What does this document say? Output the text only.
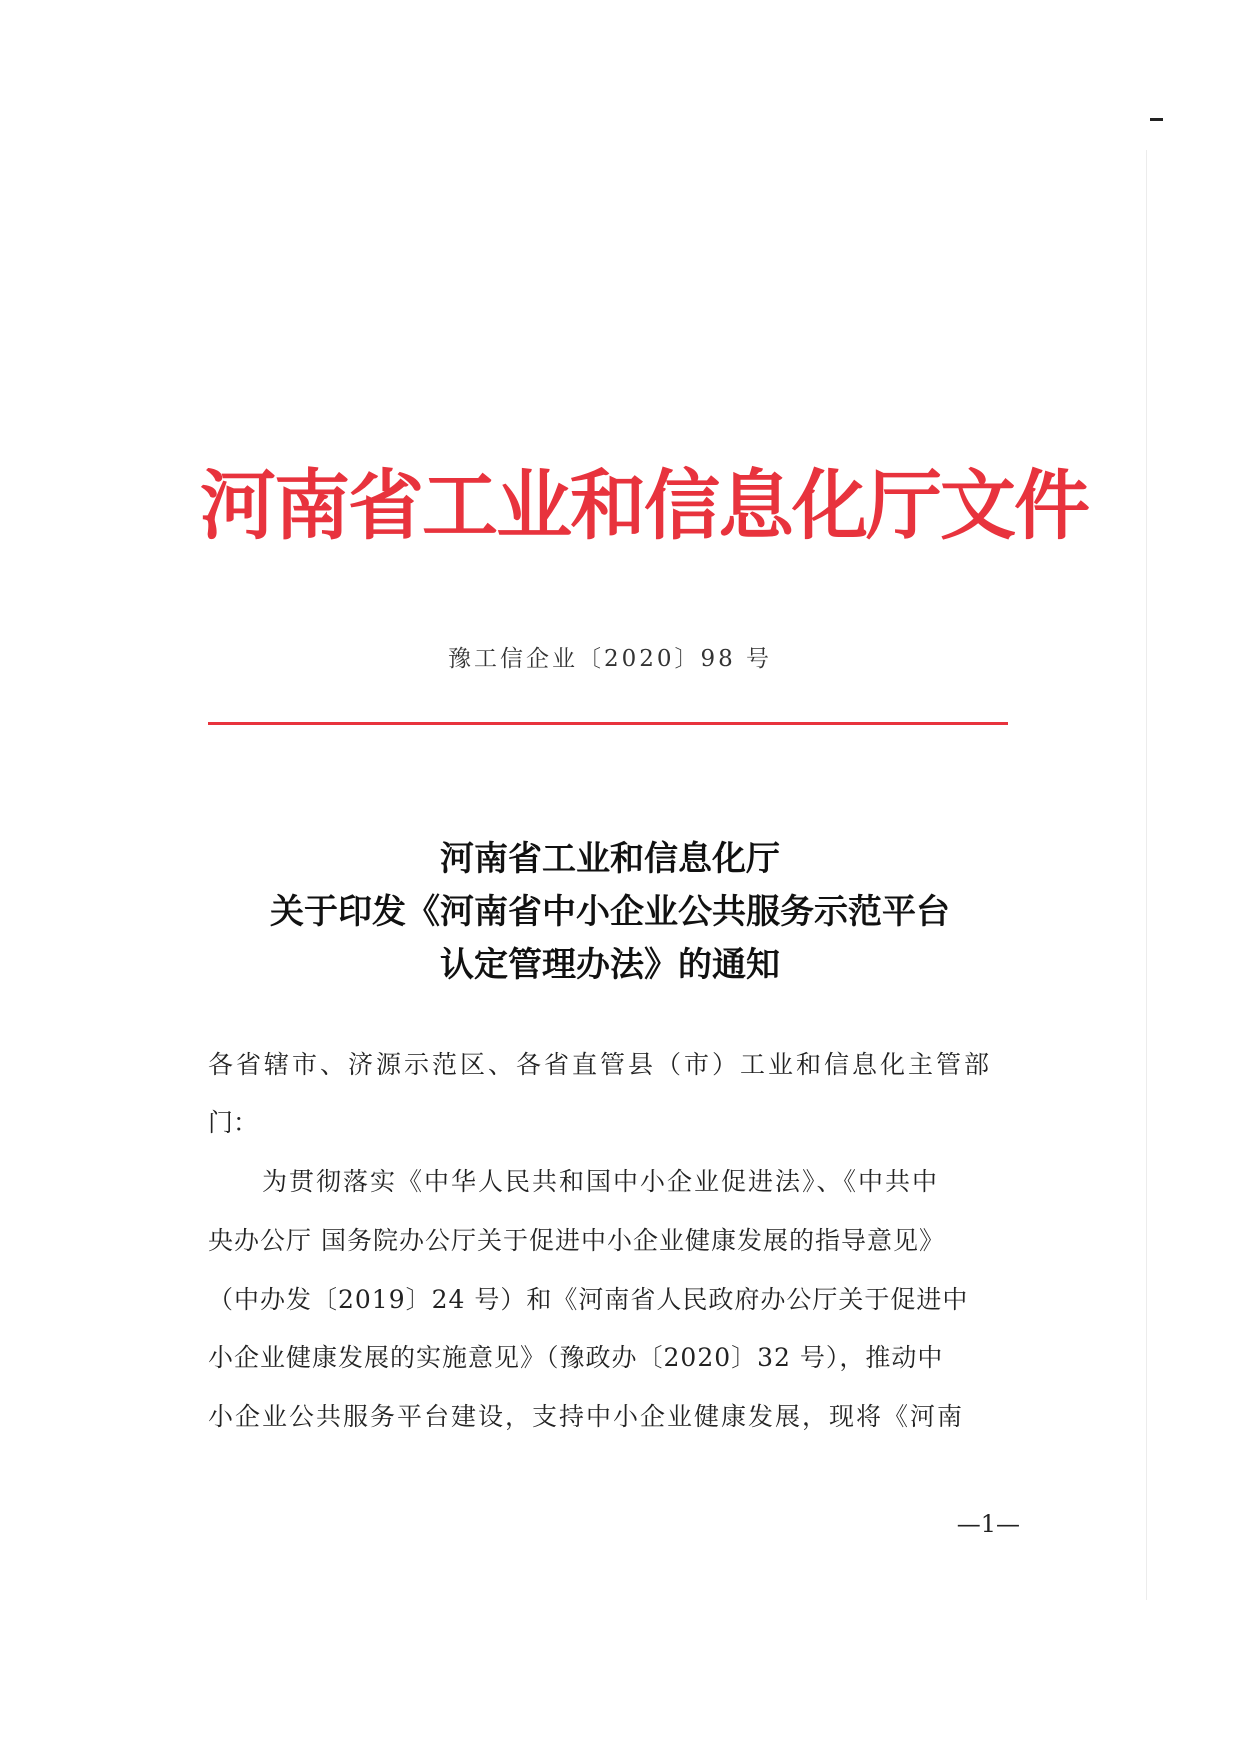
河南省工业和信息化厅文件
豫工信企业〔2020〕98 号
河南省工业和信息化厅
关于印发《河南省中小企业公共服务示范平台
认定管理办法》的通知
各省辖市、济源示范区、各省直管县（市）工业和信息化主管部
门：
为贯彻落实《中华人民共和国中小企业促进法》、《中共中
央办公厅 国务院办公厅关于促进中小企业健康发展的指导意见》
（中办发〔2019〕24 号）和《河南省人民政府办公厅关于促进中
小企业健康发展的实施意见》（豫政办〔2020〕32 号），推动中
小企业公共服务平台建设，支持中小企业健康发展，现将《河南
—1—
